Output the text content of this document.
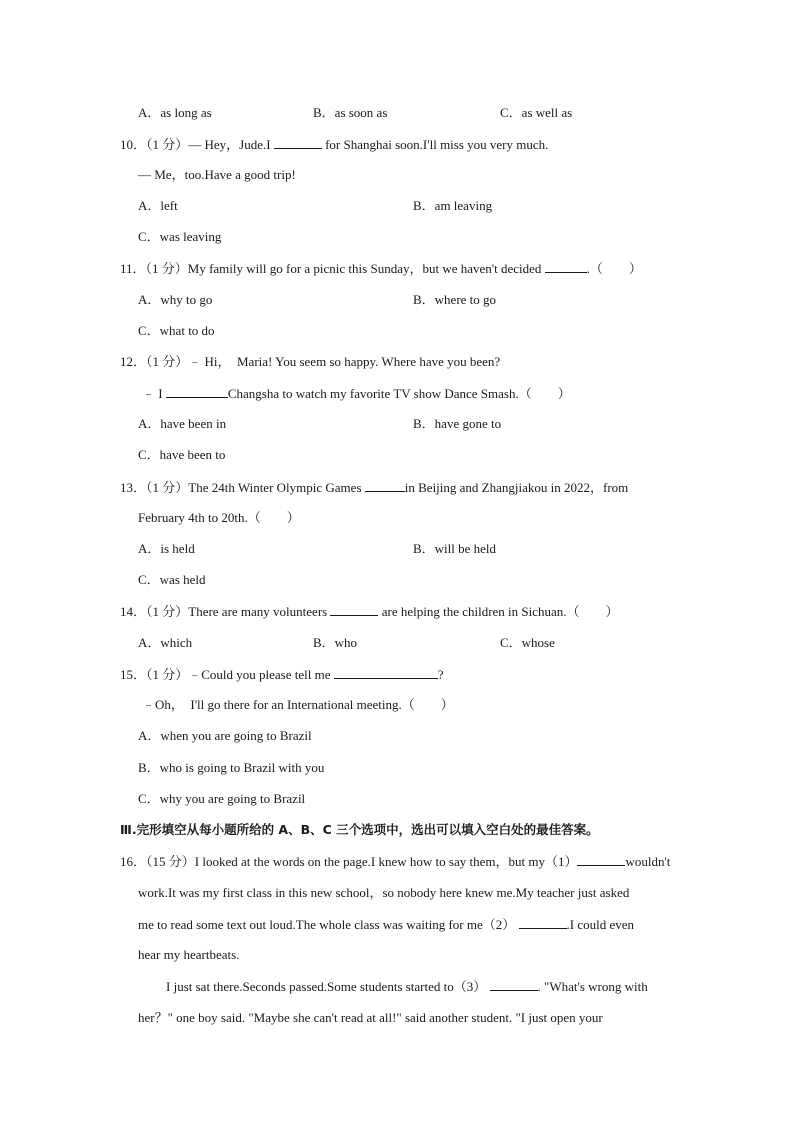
A．as long as	B．as soon as	C．as well as
10．（1 分）— Hey，Jude.I	for Shanghai soon.I'll miss you very much.
— Me，too.Have a good trip!
A．left	B．am leaving
C．was leaving
11．（1 分）My family will go for a picnic this Sunday，but we haven't decided	.（　　）
A．why to go	B．where to go
C．what to do
12．（1 分）﹣ Hi，　Maria! You seem so happy. Where have you been?
﹣ I	Changsha to watch my favorite TV show Dance Smash.（　　）
A．have been in	B．have gone to
C．have been to
13．（1 分）The 24th Winter Olympic Games	in Beijing and Zhangjiakou in 2022，from
February 4th to 20th.（　　）
A．is held	B．will be held
C．was held
14．（1 分）There are many volunteers	are helping the children in Sichuan.（　　）
A．which	B．who	C．whose
15．（1 分）﹣Could you please tell me	?
﹣Oh，　I'll go there for an International meeting.（　　）
A．when you are going to Brazil
B．who is going to Brazil with you
C．why you are going to Brazil
Ⅲ.完形填空从每小题所给的 A、B、C 三个选项中，选出可以填入空白处的最佳答案。
16．（15 分）I looked at the words on the page.I knew how to say them，but my（1）	wouldn't
work.It was my first class in this new school，so nobody here knew me.My teacher just asked
me to read some text out loud.The whole class was waiting for me（2）	.I could even
hear my heartbeats.
I just sat there.Seconds passed.Some students started to（3）	. "What's wrong with
her？" one boy said. "Maybe she can't read at all!" said another student. "I just open your
